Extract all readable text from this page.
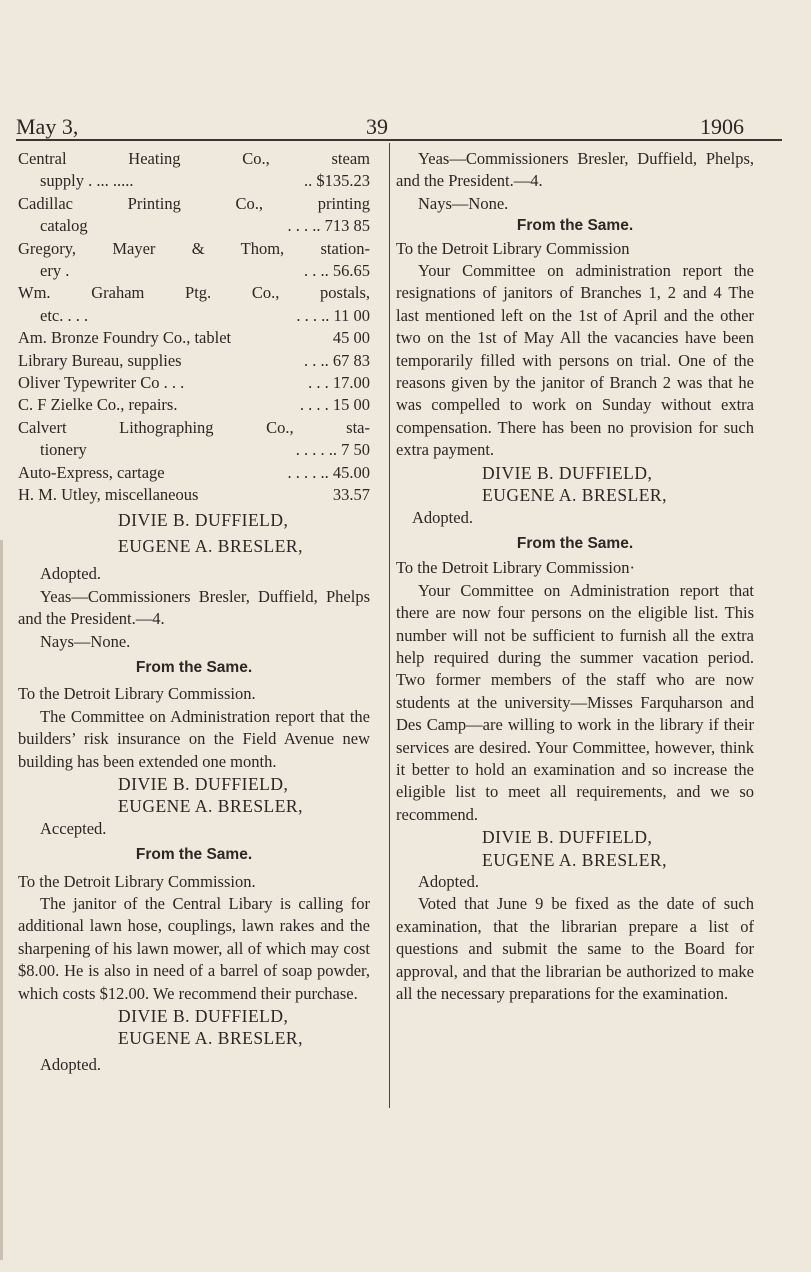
May 3,	39	1906

Central Heating Co., steam

supply . ... .....	.. $135.23

Cadillac Printing Co., printing

catalog	. . . .. 713 85

Gregory, Mayer & Thom, station-

ery .	. . .. 56.65

Wm. Graham Ptg. Co., postals,

etc. . . .	. . . .. 11 00
Am. Bronze Foundry Co., tablet	45 00
Library Bureau, supplies	. . .. 67 83
Oliver Typewriter Co . . .	. . . 17.00
C. F Zielke Co., repairs.	. . . . 15 00

Calvert Lithographing Co., sta-

tionery	. . . . .. 7 50
Auto-Express, cartage	. . . . .. 45.00
H. M. Utley, miscellaneous	33.57

DIVIE B. DUFFIELD,

EUGENE A. BRESLER,

Adopted.

Yeas—Commissioners Bresler, Duffield, Phelps and the President.—4.

Nays—None.

From the Same.

To the Detroit Library Commission.

The Committee on Administration report that the builders’ risk insurance on the Field Avenue new building has been extended one month.

DIVIE B. DUFFIELD,

EUGENE A. BRESLER,

Accepted.

From the Same.

To the Detroit Library Commission.

The janitor of the Central Libary is calling for additional lawn hose, couplings, lawn rakes and the sharpening of his lawn mower, all of which may cost $8.00. He is also in need of a barrel of soap powder, which costs $12.00. We recommend their purchase.

DIVIE B. DUFFIELD,

EUGENE A. BRESLER,

Adopted.

Yeas—Commissioners Bresler, Duffield, Phelps, and the President.—4.

Nays—None.

From the Same.

To the Detroit Library Commission

Your Committee on administration report the resignations of janitors of Branches 1, 2 and 4 The last mentioned left on the 1st of April and the other two on the 1st of May All the vacancies have been temporarily filled with persons on trial. One of the reasons given by the janitor of Branch 2 was that he was compelled to work on Sunday without extra compensation. There has been no provision for such extra payment.

DIVIE B. DUFFIELD,

EUGENE A. BRESLER,

Adopted.

From the Same.

To the Detroit Library Commission·

Your Committee on Administration report that there are now four persons on the eligible list. This number will not be sufficient to furnish all the extra help required during the summer vacation period. Two former members of the staff who are now students at the university—Misses Farquharson and Des Camp—are willing to work in the library if their services are desired. Your Committee, however, think it better to hold an examination and so increase the eligible list to meet all requirements, and we so recommend.

DIVIE B. DUFFIELD,

EUGENE A. BRESLER,

Adopted.

Voted that June 9 be fixed as the date of such examination, that the librarian prepare a list of questions and submit the same to the Board for approval, and that the librarian be authorized to make all the necessary preparations for the examination.
